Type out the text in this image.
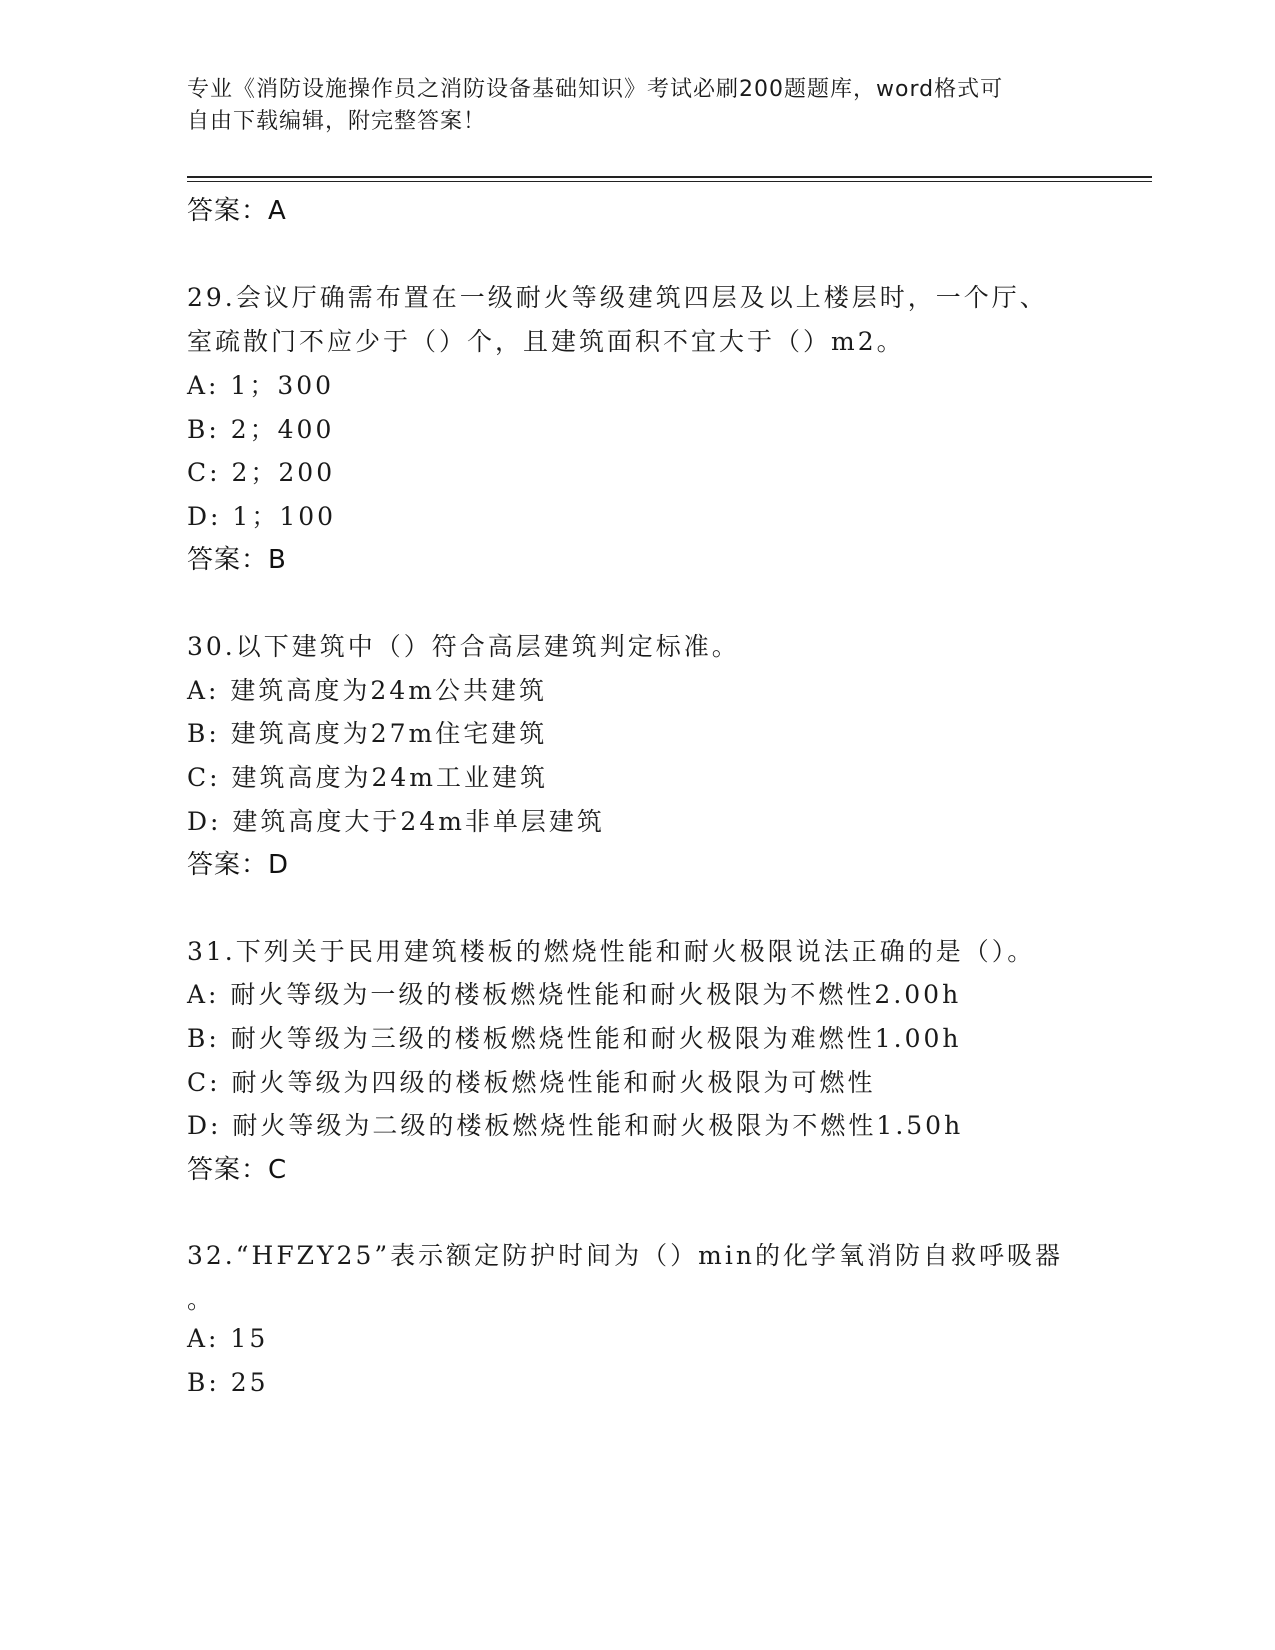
专业《消防设施操作员之消防设备基础知识》考试必刷200题题库，word格式可
自由下载编辑，附完整答案！
答案：A
29.会议厅确需布置在一级耐火等级建筑四层及以上楼层时，一个厅、
室疏散门不应少于（）个，且建筑面积不宜大于（）m2。
A: 1；300
B: 2；400
C: 2；200
D: 1；100
答案：B
30.以下建筑中（）符合高层建筑判定标准。
A: 建筑高度为24m公共建筑
B: 建筑高度为27m住宅建筑
C: 建筑高度为24m工业建筑
D: 建筑高度大于24m非单层建筑
答案：D
31.下列关于民用建筑楼板的燃烧性能和耐火极限说法正确的是（）。
A: 耐火等级为一级的楼板燃烧性能和耐火极限为不燃性2.00h
B: 耐火等级为三级的楼板燃烧性能和耐火极限为难燃性1.00h
C: 耐火等级为四级的楼板燃烧性能和耐火极限为可燃性
D: 耐火等级为二级的楼板燃烧性能和耐火极限为不燃性1.50h
答案：C
32.“HFZY25”表示额定防护时间为（）min的化学氧消防自救呼吸器
。
A: 15
B: 25
